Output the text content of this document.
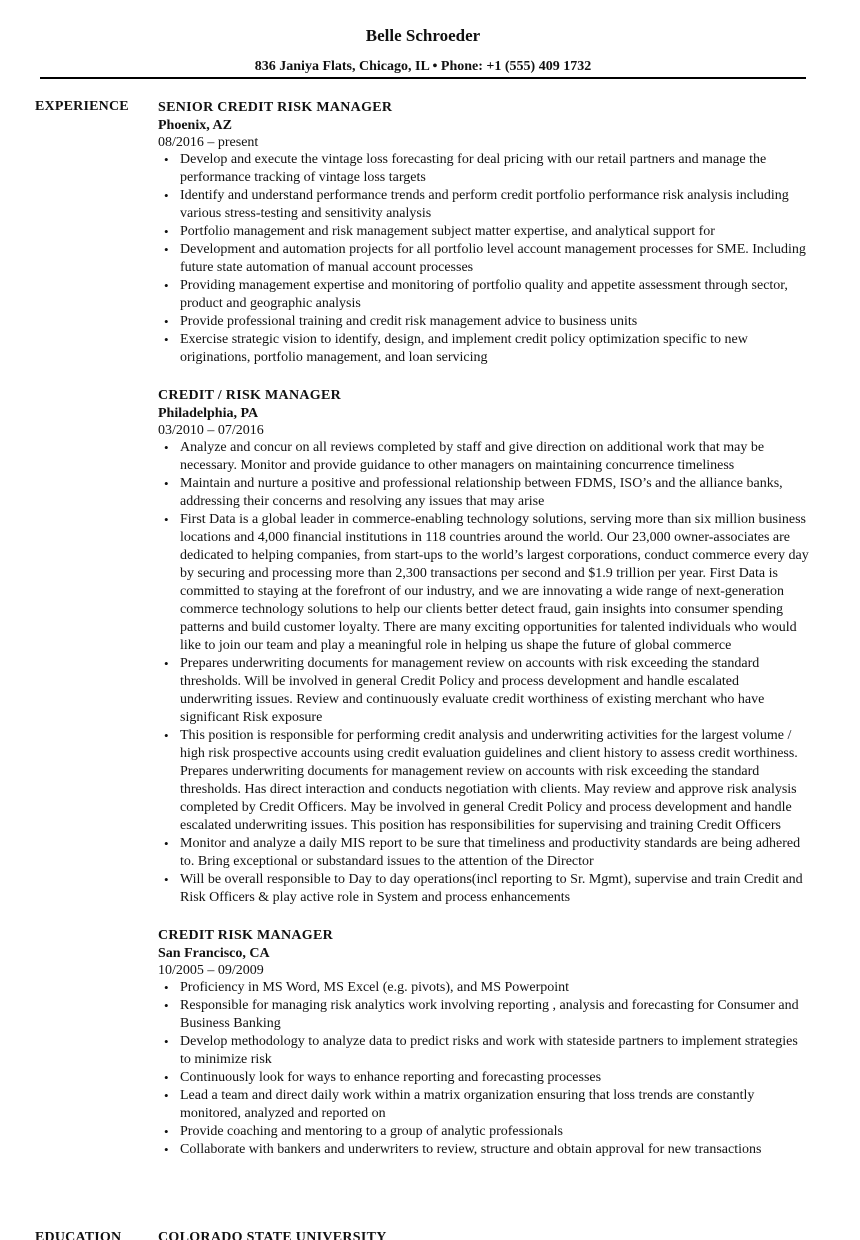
Belle Schroeder
836 Janiya Flats, Chicago, IL • Phone: +1 (555) 409 1732
EXPERIENCE SENIOR CREDIT RISK MANAGER
Phoenix, AZ
08/2016 – present
• Develop and execute the vintage loss forecasting for deal pricing with our retail partners and manage the performance tracking of vintage loss targets
• Identify and understand performance trends and perform credit portfolio performance risk analysis including various stress-testing and sensitivity analysis
• Portfolio management and risk management subject matter expertise, and analytical support for
• Development and automation projects for all portfolio level account management processes for SME. Including future state automation of manual account processes
• Providing management expertise and monitoring of portfolio quality and appetite assessment through sector, product and geographic analysis
• Provide professional training and credit risk management advice to business units
• Exercise strategic vision to identify, design, and implement credit policy optimization specific to new originations, portfolio management, and loan servicing
CREDIT / RISK MANAGER
Philadelphia, PA
03/2010 – 07/2016
• Analyze and concur on all reviews completed by staff and give direction on additional work that may be necessary. Monitor and provide guidance to other managers on maintaining concurrence timeliness
• Maintain and nurture a positive and professional relationship between FDMS, ISO’s and the alliance banks, addressing their concerns and resolving any issues that may arise
• First Data is a global leader in commerce-enabling technology solutions, serving more than six million business locations and 4,000 financial institutions in 118 countries around the world. Our 23,000 owner-associates are dedicated to helping companies, from start-ups to the world’s largest corporations, conduct commerce every day by securing and processing more than 2,300 transactions per second and $1.9 trillion per year. First Data is committed to staying at the forefront of our industry, and we are innovating a wide range of next-generation commerce technology solutions to help our clients better detect fraud, gain insights into consumer spending patterns and build customer loyalty. There are many exciting opportunities for talented individuals who would like to join our team and play a meaningful role in helping us shape the future of global commerce
• Prepares underwriting documents for management review on accounts with risk exceeding the standard thresholds. Will be involved in general Credit Policy and process development and handle escalated underwriting issues. Review and continuously evaluate credit worthiness of existing merchant who have significant Risk exposure
• This position is responsible for performing credit analysis and underwriting activities for the largest volume / high risk prospective accounts using credit evaluation guidelines and client history to assess credit worthiness. Prepares underwriting documents for management review on accounts with risk exceeding the standard thresholds. Has direct interaction and conducts negotiation with clients. May review and approve risk analysis completed by Credit Officers. May be involved in general Credit Policy and process development and handle escalated underwriting issues. This position has responsibilities for supervising and training Credit Officers
• Monitor and analyze a daily MIS report to be sure that timeliness and productivity standards are being adhered to. Bring exceptional or substandard issues to the attention of the Director
• Will be overall responsible to Day to day operations(incl reporting to Sr. Mgmt), supervise and train Credit and Risk Officers & play active role in System and process enhancements
CREDIT RISK MANAGER
San Francisco, CA
10/2005 – 09/2009
• Proficiency in MS Word, MS Excel (e.g. pivots), and MS Powerpoint
• Responsible for managing risk analytics work involving reporting , analysis and forecasting for Consumer and Business Banking
• Develop methodology to analyze data to predict risks and work with stateside partners to implement strategies to minimize risk
• Continuously look for ways to enhance reporting and forecasting processes
• Lead a team and direct daily work within a matrix organization ensuring that loss trends are constantly monitored, analyzed and reported on
• Provide coaching and mentoring to a group of analytic professionals
• Collaborate with bankers and underwriters to review, structure and obtain approval for new transactions
EDUCATION	COLORADO STATE UNIVERSITY
